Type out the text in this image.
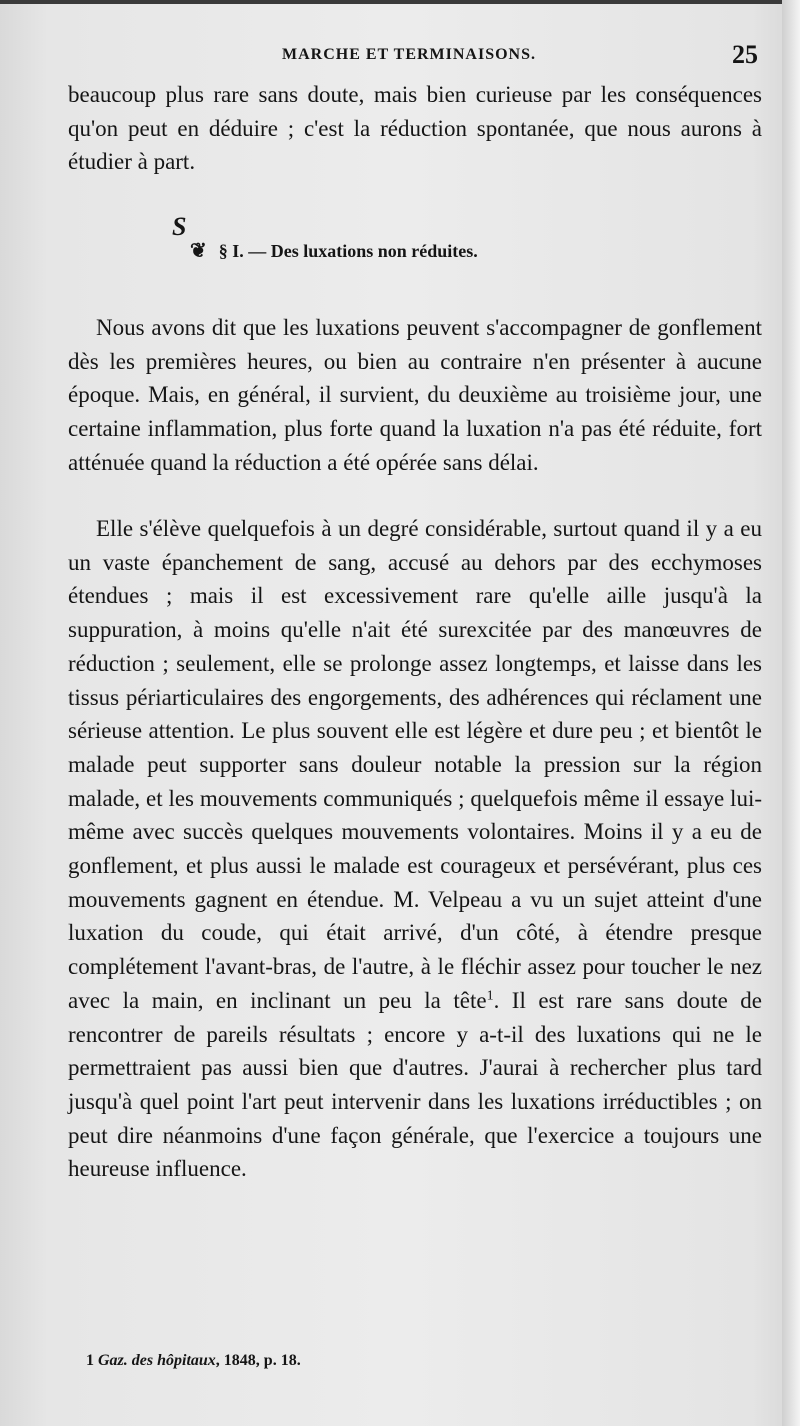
MARCHE ET TERMINAISONS.	25

beaucoup plus rare sans doute, mais bien curieuse par les conséquences qu'on peut en déduire ; c'est la réduction spontanée, que nous aurons à étudier à part.

S
❦ § I. — Des luxations non réduites.

Nous avons dit que les luxations peuvent s'accompagner de gonflement dès les premières heures, ou bien au contraire n'en présenter à aucune époque. Mais, en général, il survient, du deuxième au troisième jour, une certaine inflammation, plus forte quand la luxation n'a pas été réduite, fort atténuée quand la réduction a été opérée sans délai.

Elle s'élève quelquefois à un degré considérable, surtout quand il y a eu un vaste épanchement de sang, accusé au dehors par des ecchymoses étendues ; mais il est excessivement rare qu'elle aille jusqu'à la suppuration, à moins qu'elle n'ait été surexcitée par des manœuvres de réduction ; seulement, elle se prolonge assez longtemps, et laisse dans les tissus périarticulaires des engorgements, des adhérences qui réclament une sérieuse attention. Le plus souvent elle est légère et dure peu ; et bientôt le malade peut supporter sans douleur notable la pression sur la région malade, et les mouvements communiqués ; quelquefois même il essaye lui-même avec succès quelques mouvements volontaires. Moins il y a eu de gonflement, et plus aussi le malade est courageux et persévérant, plus ces mouvements gagnent en étendue. M. Velpeau a vu un sujet atteint d'une luxation du coude, qui était arrivé, d'un côté, à étendre presque complétement l'avant-bras, de l'autre, à le fléchir assez pour toucher le nez avec la main, en inclinant un peu la tête$^1$. Il est rare sans doute de rencontrer de pareils résultats ; encore y a-t-il des luxations qui ne le permettraient pas aussi bien que d'autres. J'aurai à rechercher plus tard jusqu'à quel point l'art peut intervenir dans les luxations irréductibles ; on peut dire néanmoins d'une façon générale, que l'exercice a toujours une heureuse influence.

1 Gaz. des hôpitaux, 1848, p. 18.
